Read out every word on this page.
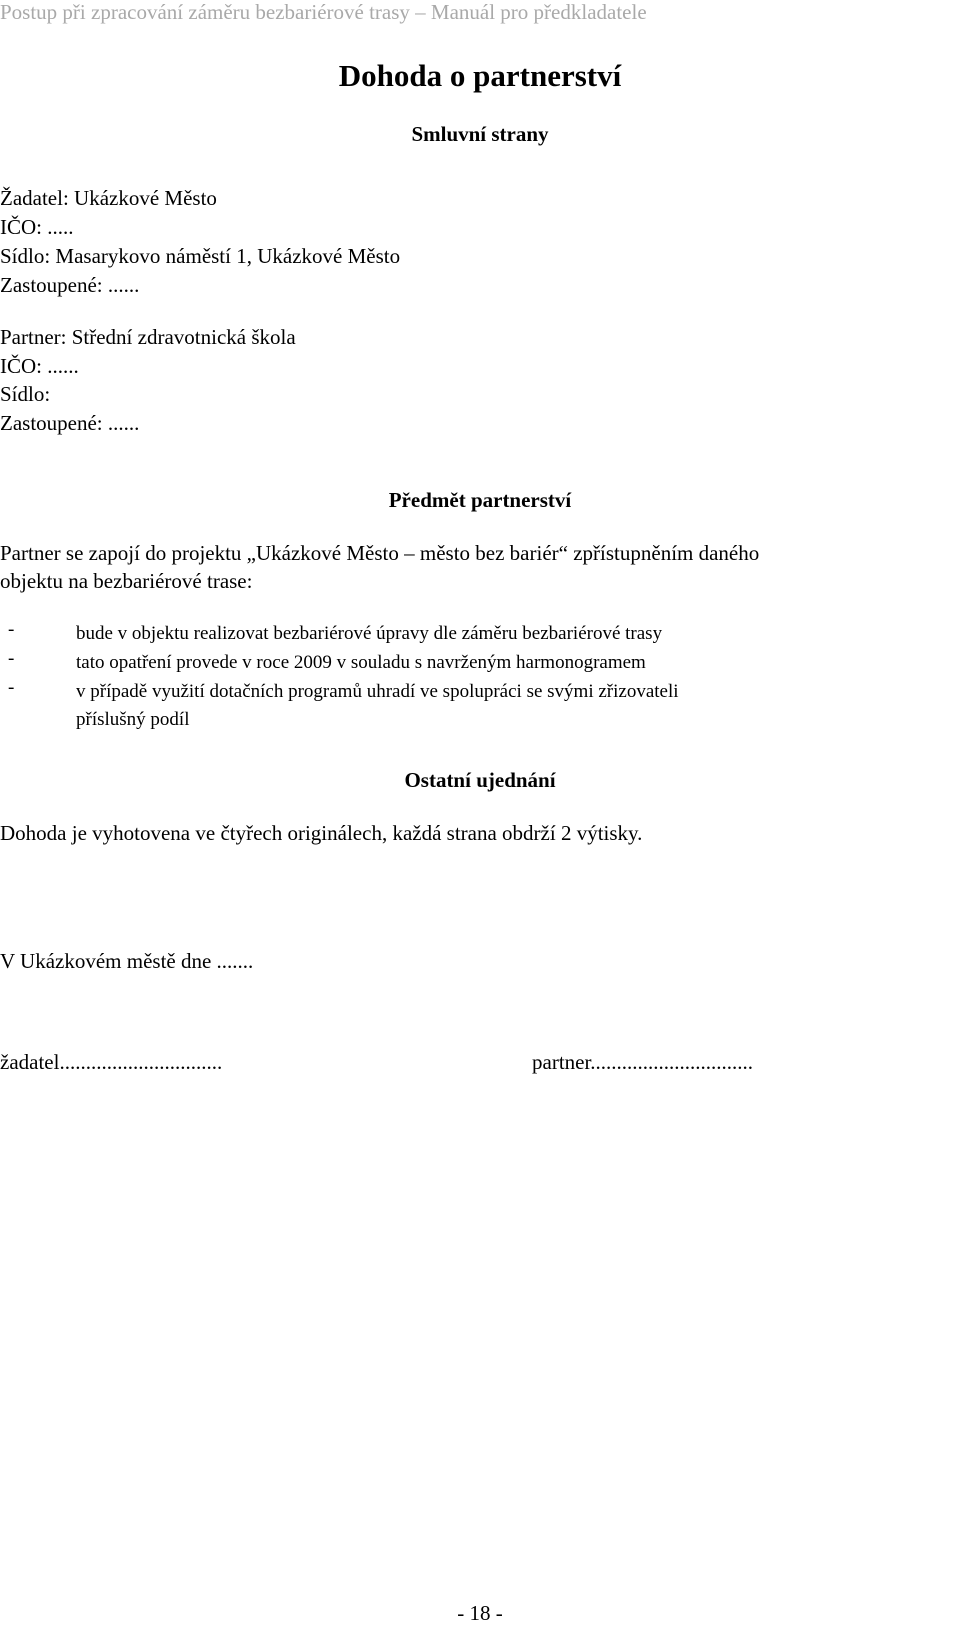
Postup při zpracování záměru bezbariérové trasy – Manuál pro předkladatele
Dohoda o partnerství
Smluvní strany
Žadatel: Ukázkové Město
IČO: .....
Sídlo: Masarykovo náměstí 1, Ukázkové Město
Zastoupené: ......
Partner: Střední zdravotnická škola
IČO: ......
Sídlo:
Zastoupené: ......
Předmět partnerství
Partner se zapojí do projektu „Ukázkové Město – město bez bariér“ zpřístupněním daného
objektu na bezbariérové trase:
-	bude v objektu realizovat bezbariérové úpravy dle záměru bezbariérové trasy
-	tato opatření provede v roce 2009 v souladu s navrženým harmonogramem
-	v případě využití dotačních programů uhradí ve spolupráci se svými zřizovateli
příslušný podíl
Ostatní ujednání
Dohoda je vyhotovena ve čtyřech originálech, každá strana obdrží 2 výtisky.
V Ukázkovém městě dne .......
žadatel...............................	partner...............................
- 18 -
